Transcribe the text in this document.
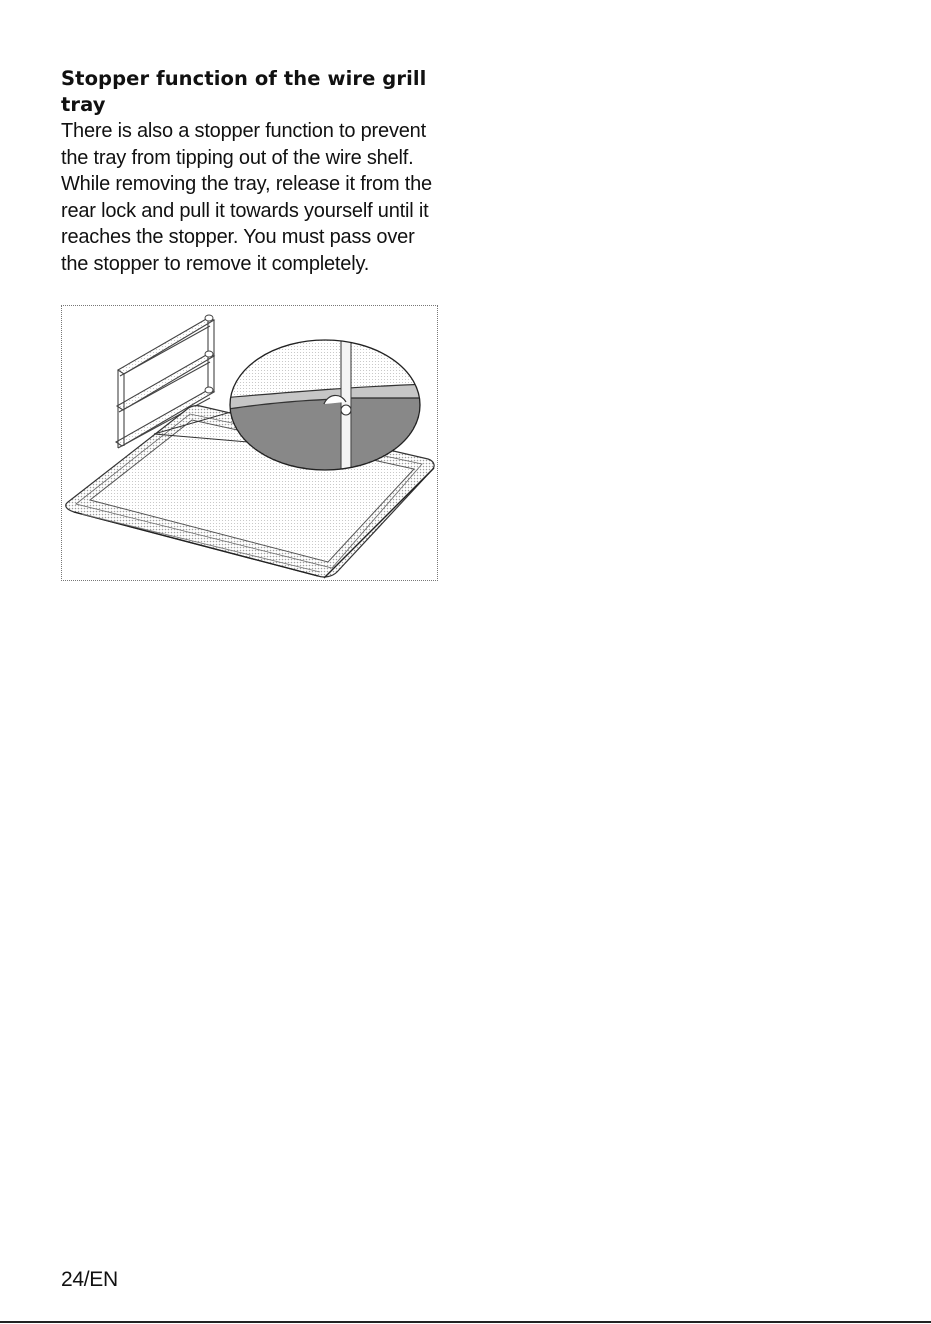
Stopper function of the wire grill tray

There is also a stopper function to prevent the tray from tipping out of the wire shelf. While removing the tray, release it from the rear lock and pull it towards yourself until it reaches the stopper. You must pass over the stopper to remove it completely.

24/EN
